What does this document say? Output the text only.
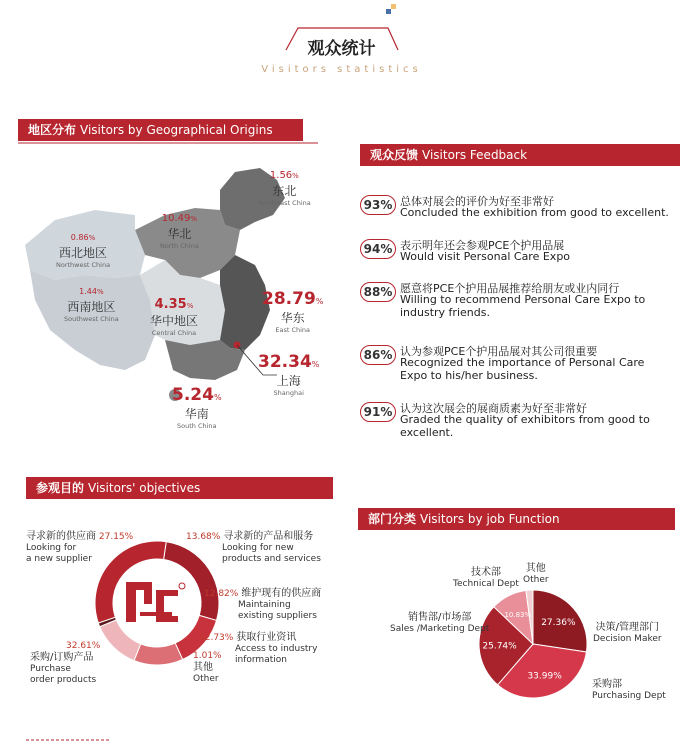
观众统计
Visitors statistics
地区分布 Visitors by Geographical Origins
1.56%
东北
Northeast China
10.49%
华北
North China
0.86%
西北地区
Northwest China
1.44%
西南地区
Southwest China
4.35%
华中地区
Central China
28.79%
华东
East China
32.34%
上海
Shanghai
5.24%
华南
South China
观众反馈 Visitors Feedback
93% 总体对展会的评价为好至非常好
Concluded the exhibition from good to excellent.
94% 表示明年还会参观PCE个护用品展
Would visit Personal Care Expo
88% 愿意将PCE个护用品展推荐给朋友或业内同行
Willing to recommend Personal Care Expo to industry friends.
86% 认为参观PCE个护用品展对其公司很重要
Recognized the importance of Personal Care Expo to his/her business.
91% 认为这次展会的展商质素为好至非常好
Graded the quality of exhibitors from good to excellent.
参观目的 Visitors' objectives
寻求新的供应商 27.15%
Looking for
a new supplier
13.68% 寻求新的产品和服务
Looking for new
products and services
12.82% 维护现有的供应商
Maintaining
existing suppliers
12.73% 获取行业资讯
Access to industry
information
1.01%
其他
Other
32.61%
采购/订购产品
Purchase
order products
部门分类 Visitors by job Function
27.36%
33.99%
25.74%
10.83%
决策/管理部门
Decision Maker
采购部
Purchasing Dept
销售部/市场部
Sales /Marketing Dept
技术部
Technical Dept
其他
Other
